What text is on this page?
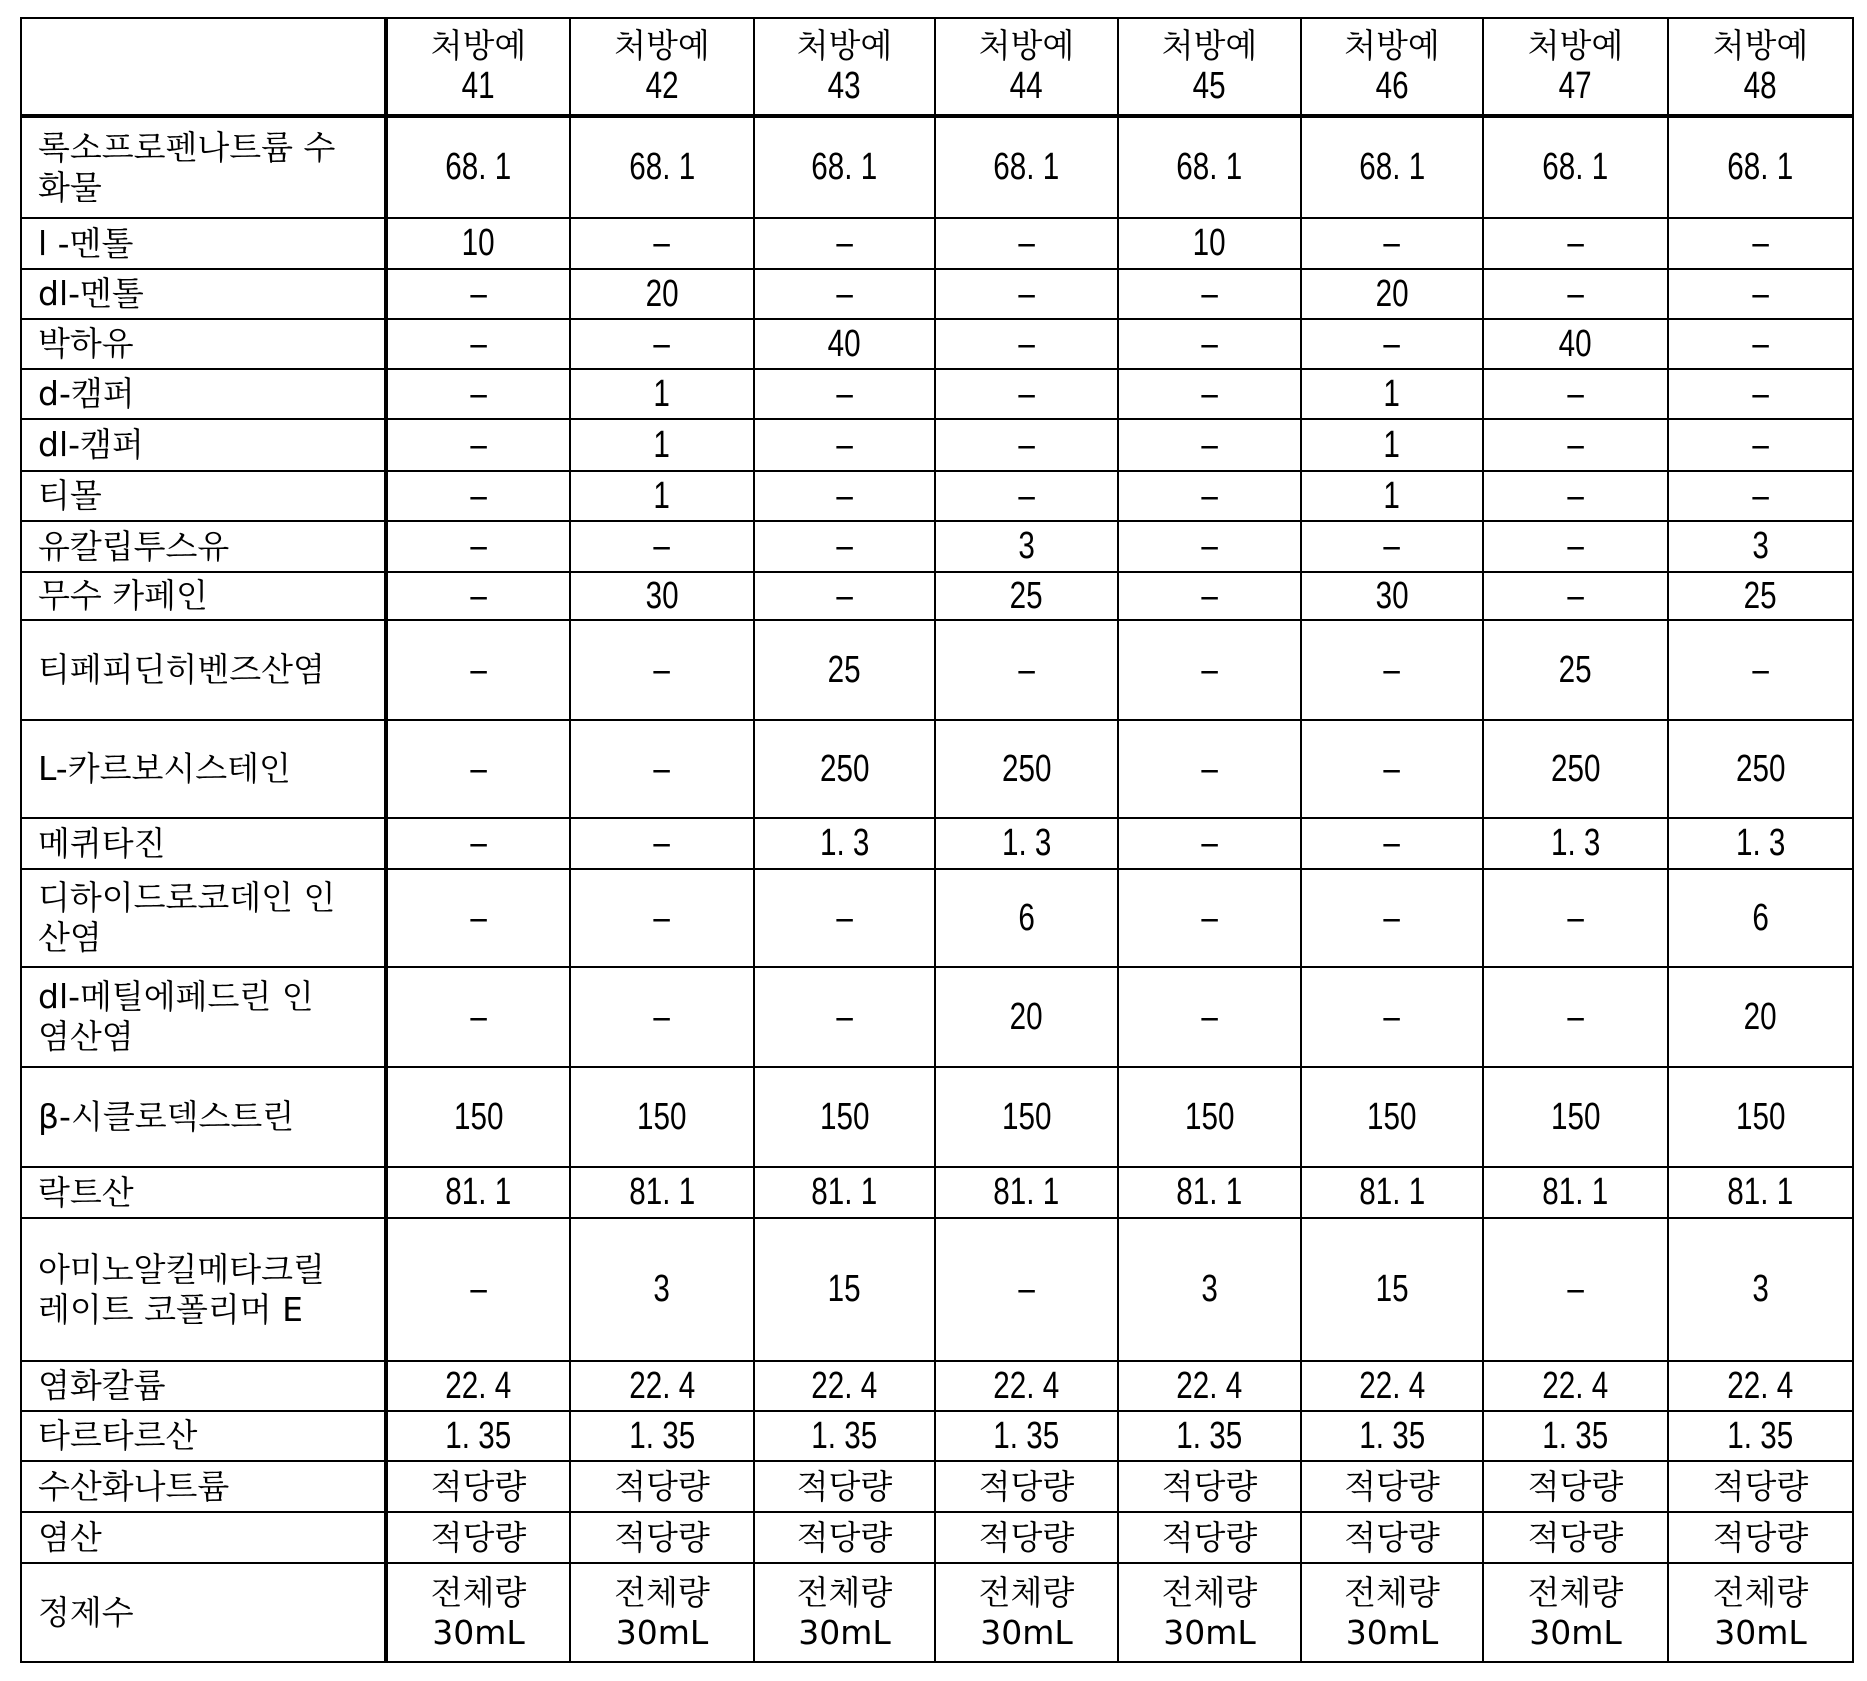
처방예
41	
처방예
42	
처방예
43	
처방예
44	
처방예
45	
처방예
46	
처방예
47	
처방예
48
록소프로펜나트륨 수화물	68. 1	68. 1	68. 1	68. 1	68. 1	68. 1	68. 1	68. 1
l -멘톨	10	–	–	–	10	–	–	–
dl-멘톨	–	20	–	–	–	20	–	–
박하유	–	–	40	–	–	–	40	–
d-캠퍼	–	1	–	–	–	1	–	–
dl-캠퍼	–	1	–	–	–	1	–	–
티몰	–	1	–	–	–	1	–	–
유칼립투스유	–	–	–	3	–	–	–	3
무수 카페인	–	30	–	25	–	30	–	25
티페피딘히벤즈산염	–	–	25	–	–	–	25	–
L-카르보시스테인	–	–	250	250	–	–	250	250
메퀴타진	–	–	1. 3	1. 3	–	–	1. 3	1. 3
디하이드로코데인 인산염	–	–	–	6	–	–	–	6
dl-메틸에페드린 인염산염	–	–	–	20	–	–	–	20
β-시클로덱스트린	150	150	150	150	150	150	150	150
락트산	81. 1	81. 1	81. 1	81. 1	81. 1	81. 1	81. 1	81. 1
아미노알킬메타크릴레이트 코폴리머 E	–	3	15	–	3	15	–	3
염화칼륨	22. 4	22. 4	22. 4	22. 4	22. 4	22. 4	22. 4	22. 4
타르타르산	1. 35	1. 35	1. 35	1. 35	1. 35	1. 35	1. 35	1. 35
수산화나트륨	적당량	적당량	적당량	적당량	적당량	적당량	적당량	적당량
염산	적당량	적당량	적당량	적당량	적당량	적당량	적당량	적당량
정제수	전체량
30mL	전체량
30mL	전체량
30mL	전체량
30mL	전체량
30mL	전체량
30mL	전체량
30mL	전체량
30mL
